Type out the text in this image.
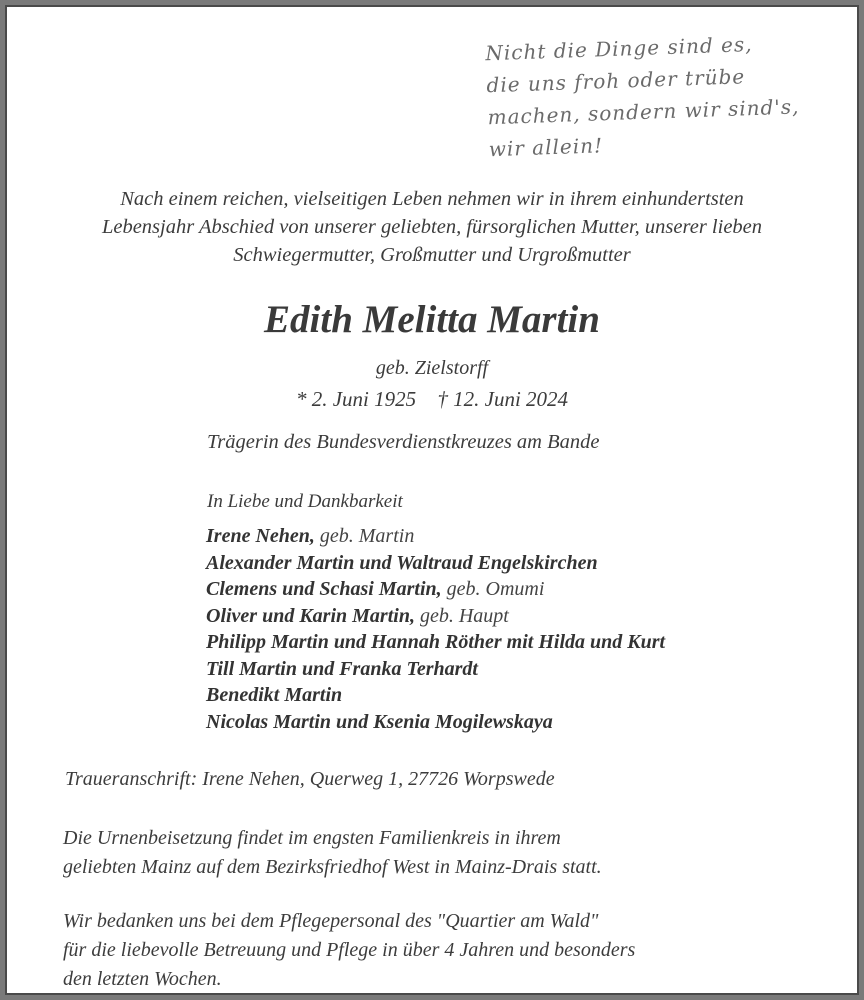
Nicht die Dinge sind es,
die uns froh oder trübe
machen, sondern wir sind's,
wir allein!
Nach einem reichen, vielseitigen Leben nehmen wir in ihrem einhundertsten
Lebensjahr Abschied von unserer geliebten, fürsorglichen Mutter, unserer lieben
Schwiegermutter, Großmutter und Urgroßmutter
Edith Melitta Martin
geb. Zielstorff
* 2. Juni 1925 † 12. Juni 2024
Trägerin des Bundesverdienstkreuzes am Bande
In Liebe und Dankbarkeit
Irene Nehen, geb. Martin
Alexander Martin und Waltraud Engelskirchen
Clemens und Schasi Martin, geb. Omumi
Oliver und Karin Martin, geb. Haupt
Philipp Martin und Hannah Röther mit Hilda und Kurt
Till Martin und Franka Terhardt
Benedikt Martin
Nicolas Martin und Ksenia Mogilewskaya
Traueranschrift: Irene Nehen, Querweg 1, 27726 Worpswede
Die Urnenbeisetzung findet im engsten Familienkreis in ihrem
geliebten Mainz auf dem Bezirksfriedhof West in Mainz-Drais statt.
Wir bedanken uns bei dem Pflegepersonal des "Quartier am Wald"
für die liebevolle Betreuung und Pflege in über 4 Jahren und besonders
den letzten Wochen.
